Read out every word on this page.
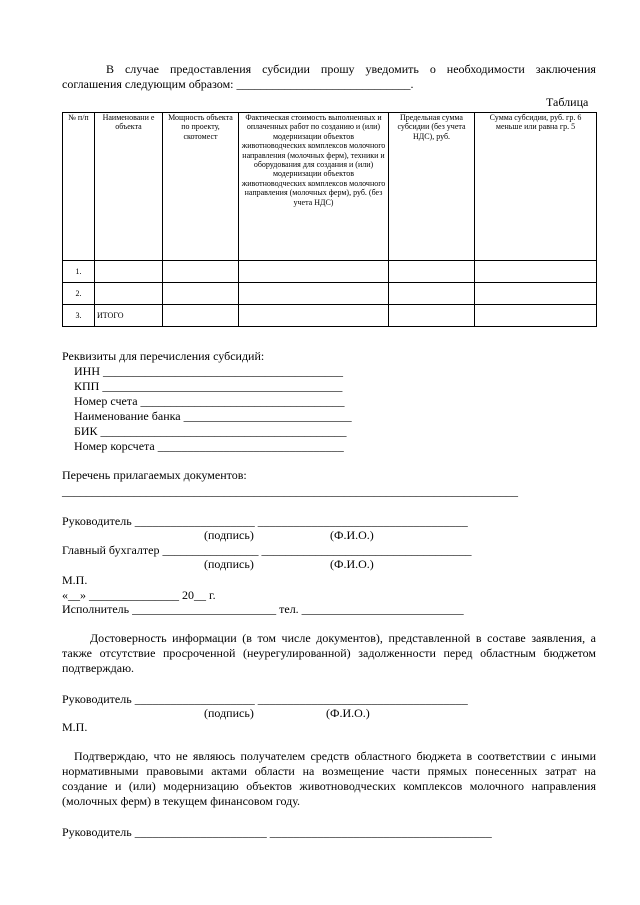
В случае предоставления субсидии прошу уведомить о необходимости заключения
соглашения следующим образом: _____________________________.
Таблица
№ п/п	Наименовани е объекта	Мощность объекта по проекту, скотомест	Фактическая стоимость выполненных и оплаченных работ по созданию и (или) модернизации объектов животноводческих комплексов молочного направления (молочных ферм), техники и оборудования для создания и (или) модернизации объектов животноводческих комплексов молочного направления (молочных ферм), руб. (без учета НДС)	Предельная сумма субсидии (без учета НДС), руб.	Сумма субсидии, руб. гр. 6 меньше или равна гр. 5
1.					
2.					
3.	ИТОГО				
Реквизиты для перечисления субсидий:
ИНН ________________________________________
КПП ________________________________________
Номер счета __________________________________
Наименование банка ____________________________
БИК _________________________________________
Номер корсчета _______________________________
Перечень прилагаемых документов:
____________________________________________________________________________
Руководитель ____________________ ___________________________________
(подпись)	(Ф.И.О.)
Главный бухгалтер ________________ ___________________________________
(подпись)	(Ф.И.О.)
М.П.
«__» _______________ 20__ г.
Исполнитель ________________________ тел. ___________________________
Достоверность информации (в том числе документов), представленной в составе заявления, а также отсутствие просроченной (неурегулированной) задолженности перед областным бюджетом подтверждаю.
Руководитель ____________________ ___________________________________
(подпись)	(Ф.И.О.)
М.П.
Подтверждаю, что не являюсь получателем средств областного бюджета в соответствии с иными нормативными правовыми актами области на возмещение части прямых понесенных затрат на создание и (или) модернизацию объектов животноводческих комплексов молочного направления (молочных ферм) в текущем финансовом году.
Руководитель ______________________ _____________________________________
